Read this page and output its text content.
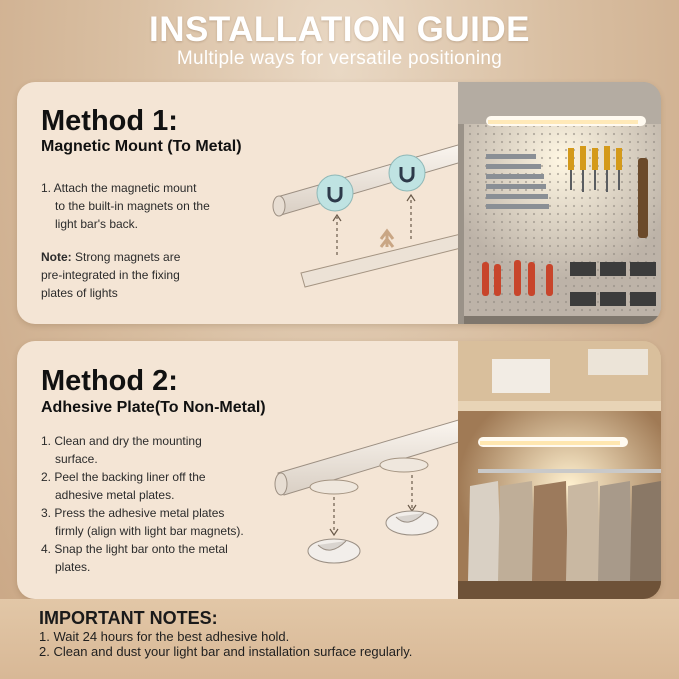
INSTALLATION GUIDE
Multiple ways for versatile positioning
Method 1:
Magnetic Mount (To Metal)
1. Attach the magnetic mount
to the built-in magnets on the
light bar's back.
Note: Strong magnets are
pre-integrated in the fixing
plates of lights
Method 2:
Adhesive Plate(To Non-Metal)
1. Clean and dry the mounting
surface.
2. Peel the backing liner off the
adhesive metal plates.
3. Press the adhesive metal plates
firmly (align with light bar magnets).
4. Snap the light bar onto the metal
plates.
IMPORTANT NOTES:
1. Wait 24 hours for the best adhesive hold.
2. Clean and dust your light bar and installation surface regularly.
